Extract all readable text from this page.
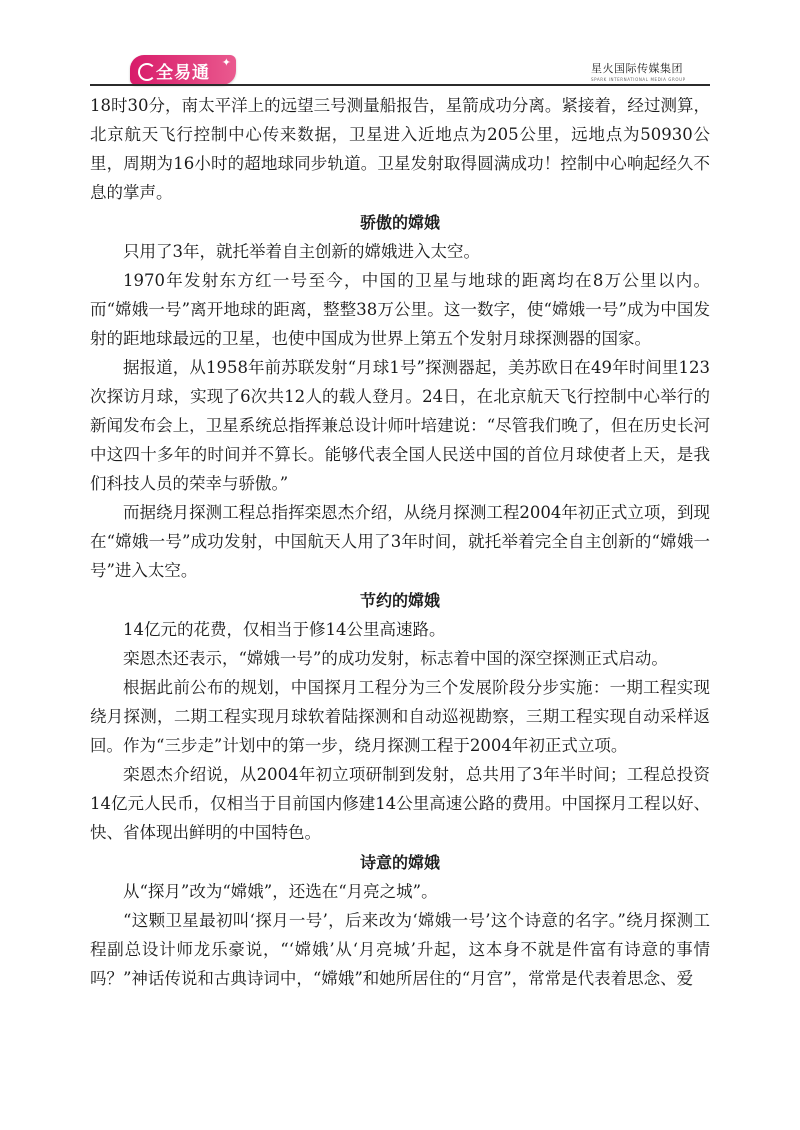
全易通
✦	星火国际传媒集团
SPARK INTERNATIONAL MEDIA GROUP

18时30分，南太平洋上的远望三号测量船报告，星箭成功分离。紧接着，经过测算，北京航天飞行控制中心传来数据，卫星进入近地点为205公里，远地点为50930公里，周期为16小时的超地球同步轨道。卫星发射取得圆满成功！控制中心响起经久不息的掌声。

骄傲的嫦娥

只用了3年，就托举着自主创新的嫦娥进入太空。

1970年发射东方红一号至今，中国的卫星与地球的距离均在8万公里以内。而“嫦娥一号”离开地球的距离，整整38万公里。这一数字，使“嫦娥一号”成为中国发射的距地球最远的卫星，也使中国成为世界上第五个发射月球探测器的国家。

据报道，从1958年前苏联发射“月球1号”探测器起，美苏欧日在49年时间里123次探访月球，实现了6次共12人的载人登月。24日，在北京航天飞行控制中心举行的新闻发布会上，卫星系统总指挥兼总设计师叶培建说：“尽管我们晚了，但在历史长河中这四十多年的时间并不算长。能够代表全国人民送中国的首位月球使者上天，是我们科技人员的荣幸与骄傲。”

而据绕月探测工程总指挥栾恩杰介绍，从绕月探测工程2004年初正式立项，到现在“嫦娥一号”成功发射，中国航天人用了3年时间，就托举着完全自主创新的“嫦娥一号”进入太空。

节约的嫦娥

14亿元的花费，仅相当于修14公里高速路。

栾恩杰还表示，“嫦娥一号”的成功发射，标志着中国的深空探测正式启动。

根据此前公布的规划，中国探月工程分为三个发展阶段分步实施：一期工程实现绕月探测，二期工程实现月球软着陆探测和自动巡视勘察，三期工程实现自动采样返回。作为“三步走”计划中的第一步，绕月探测工程于2004年初正式立项。

栾恩杰介绍说，从2004年初立项研制到发射，总共用了3年半时间；工程总投资14亿元人民币，仅相当于目前国内修建14公里高速公路的费用。中国探月工程以好、快、省体现出鲜明的中国特色。

诗意的嫦娥

从“探月”改为“嫦娥”，还选在“月亮之城”。

“这颗卫星最初叫‘探月一号’，后来改为‘嫦娥一号’这个诗意的名字。”绕月探测工程副总设计师龙乐豪说，“‘嫦娥’从‘月亮城’升起，这本身不就是件富有诗意的事情吗？”神话传说和古典诗词中，“嫦娥”和她所居住的“月宫”，常常是代表着思念、爱
